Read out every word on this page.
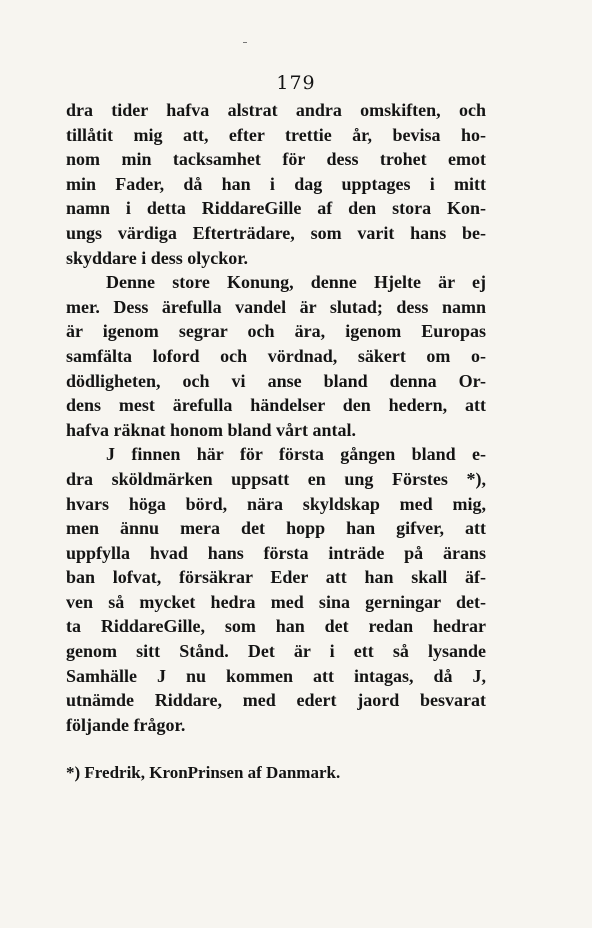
179
dra tider hafva alstrat andra omskiften, och
tillåtit mig att, efter trettie år, bevisa ho-
nom min tacksamhet för dess trohet emot
min Fader, då han i dag upptages i mitt
namn i detta RiddareGille af den stora Kon-
ungs värdiga Efterträdare, som varit hans be-
skyddare i dess olyckor.
Denne store Konung, denne Hjelte är ej
mer. Dess ärefulla vandel är slutad; dess namn
är igenom segrar och ära, igenom Europas
samfälta loford och vördnad, säkert om o-
dödligheten, och vi anse bland denna Or-
dens mest ärefulla händelser den hedern, att
hafva räknat honom bland vårt antal.
J finnen här för första gången bland e-
dra sköldmärken uppsatt en ung Förstes *),
hvars höga börd, nära skyldskap med mig,
men ännu mera det hopp han gifver, att
uppfylla hvad hans första inträde på ärans
ban lofvat, försäkrar Eder att han skall äf-
ven så mycket hedra med sina gerningar det-
ta RiddareGille, som han det redan hedrar
genom sitt Stånd. Det är i ett så lysande
Samhälle J nu kommen att intagas, då J,
utnämde Riddare, med edert jaord besvarat
följande frågor.
*) Fredrik, KronPrinsen af Danmark.
